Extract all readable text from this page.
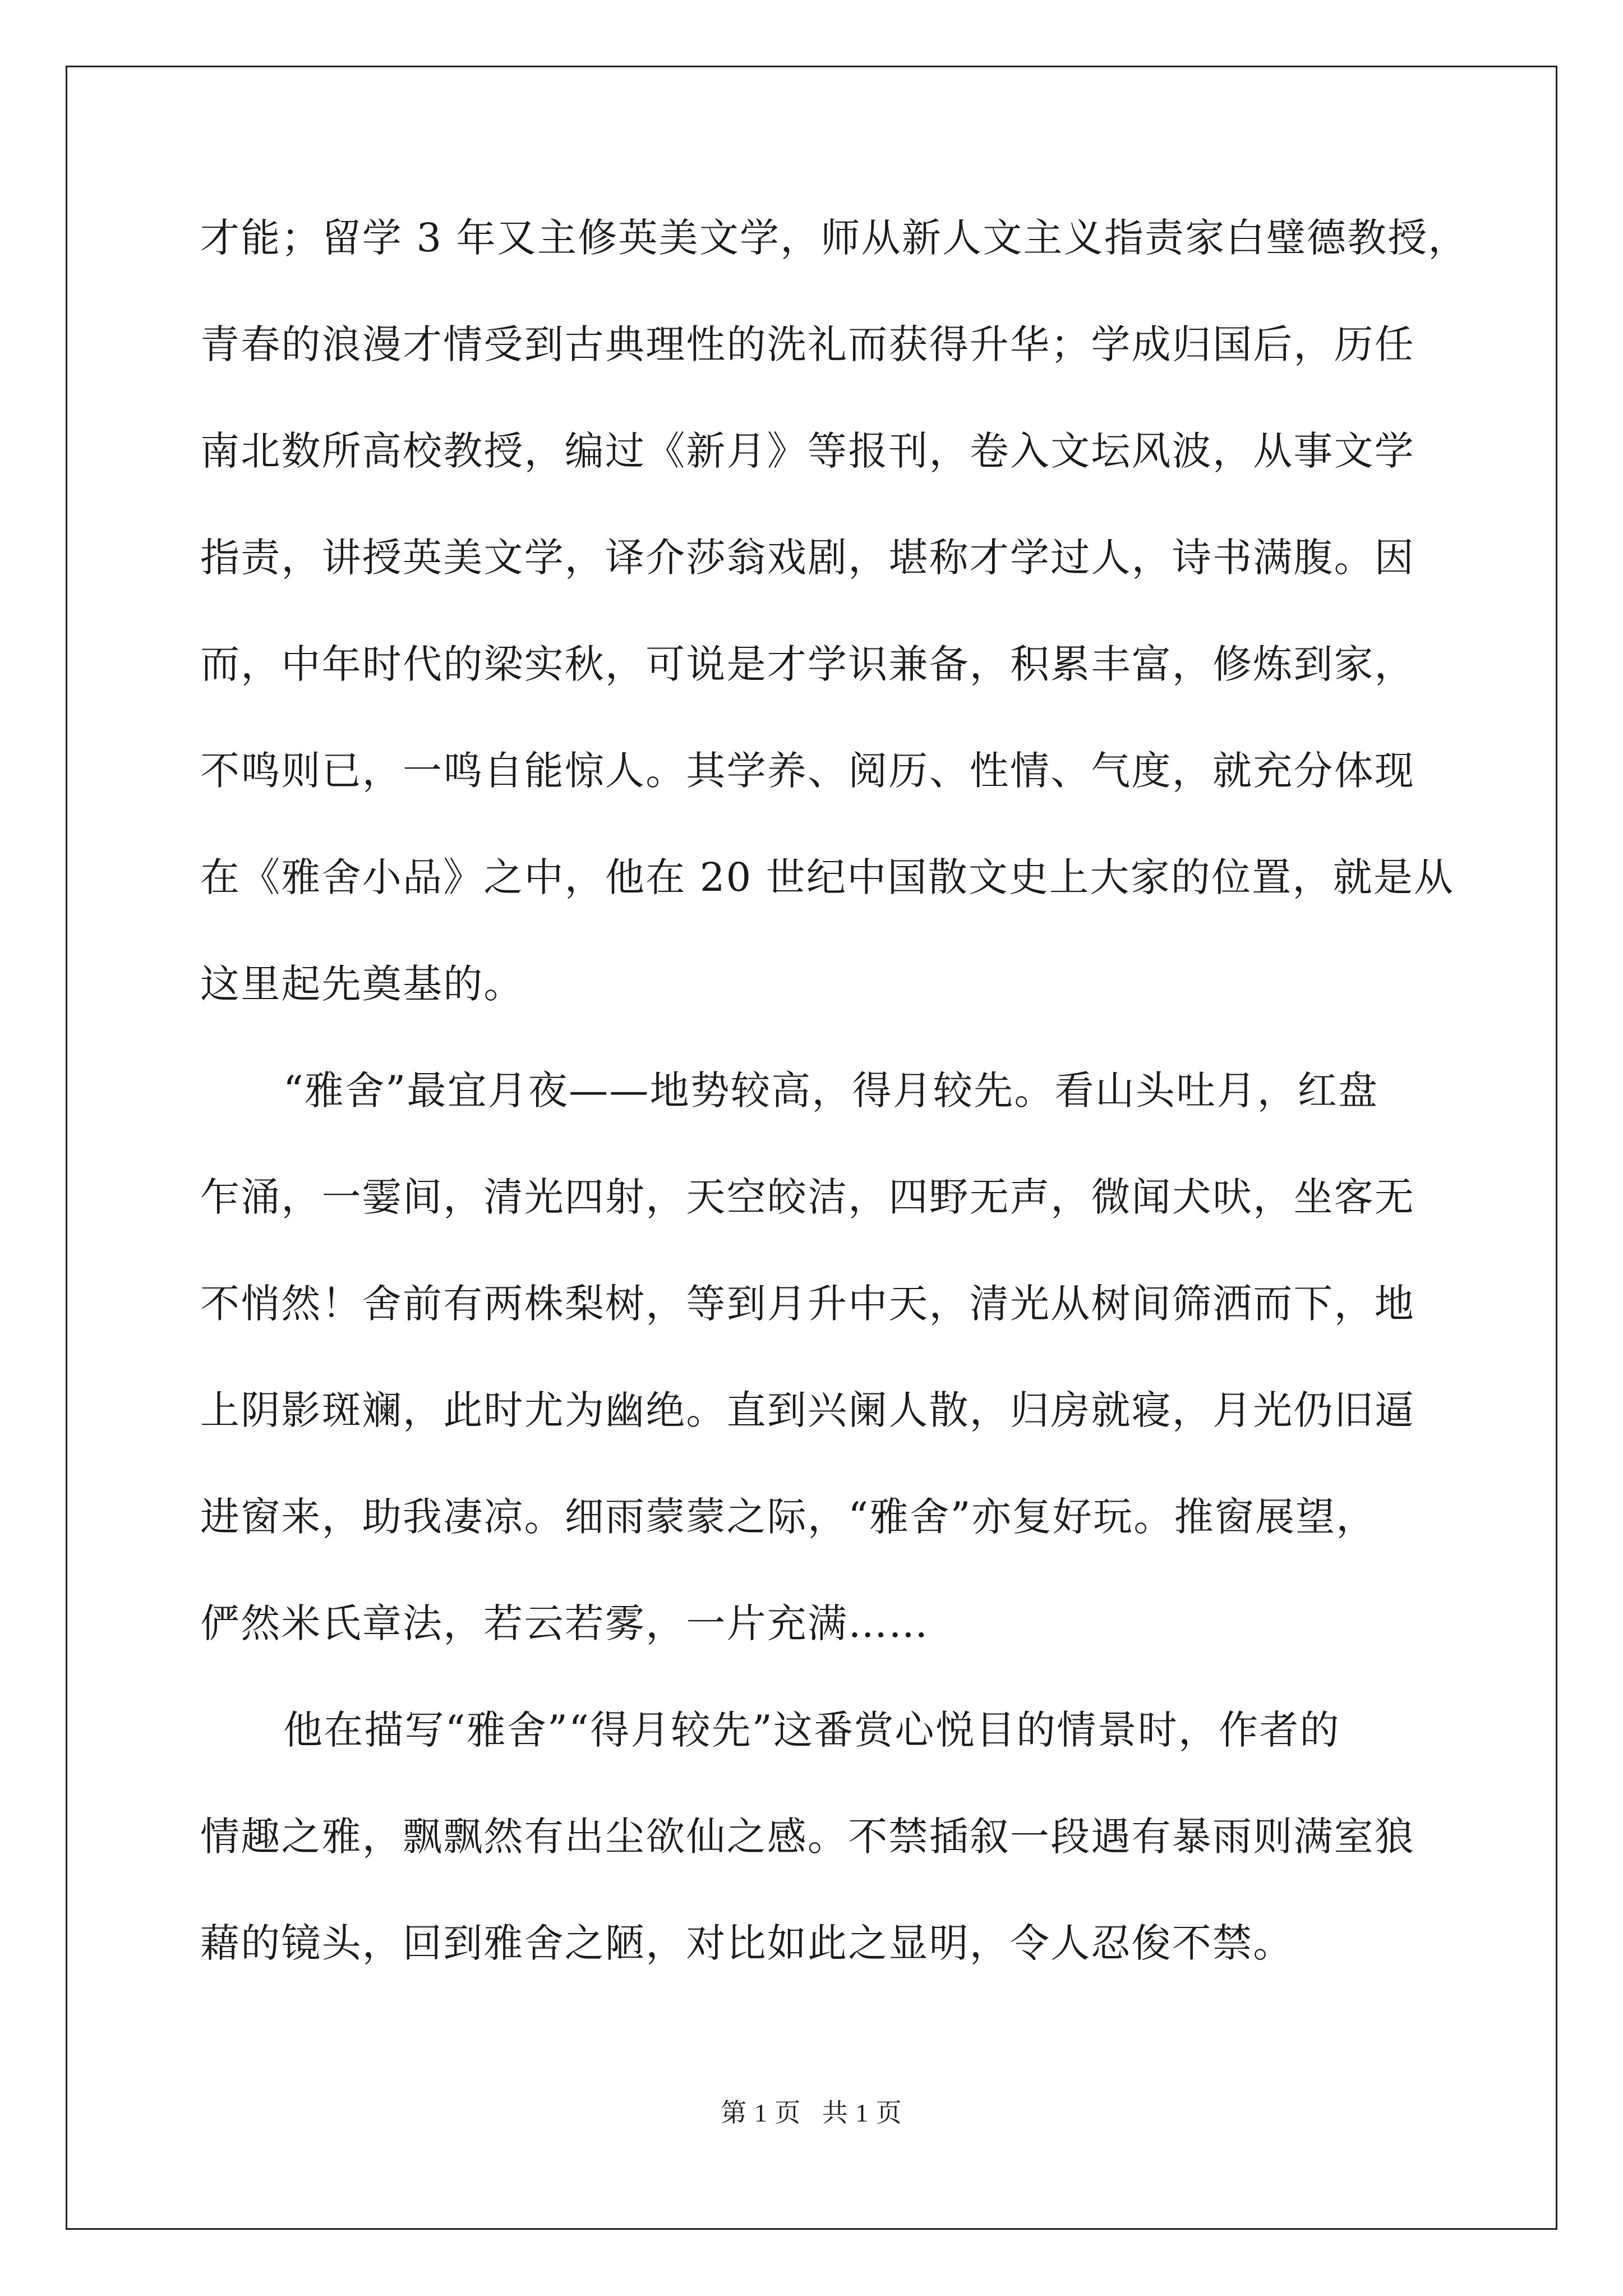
才能；留学 3 年又主修英美文学，师从新人文主义指责家白璧德教授，
青春的浪漫才情受到古典理性的洗礼而获得升华；学成归国后，历任
南北数所高校教授，编过《新月》等报刊，卷入文坛风波，从事文学
指责，讲授英美文学，译介莎翁戏剧，堪称才学过人，诗书满腹。因
而，中年时代的梁实秋，可说是才学识兼备，积累丰富，修炼到家，
不鸣则已，一鸣自能惊人。其学养、阅历、性情、气度，就充分体现
在《雅舍小品》之中，他在 20 世纪中国散文史上大家的位置，就是从
这里起先奠基的。
“雅舍”最宜月夜——地势较高，得月较先。看山头吐月，红盘
乍涌，一霎间，清光四射，天空皎洁，四野无声，微闻犬吠，坐客无
不悄然！舍前有两株梨树，等到月升中天，清光从树间筛洒而下，地
上阴影斑斓，此时尤为幽绝。直到兴阑人散，归房就寝，月光仍旧逼
进窗来，助我凄凉。细雨蒙蒙之际，“雅舍”亦复好玩。推窗展望，
俨然米氏章法，若云若雾，一片充满……
他在描写“雅舍”“得月较先”这番赏心悦目的情景时，作者的
情趣之雅，飘飘然有出尘欲仙之感。不禁插叙一段遇有暴雨则满室狼
藉的镜头，回到雅舍之陋，对比如此之显明，令人忍俊不禁。
第 1 页 共 1 页
